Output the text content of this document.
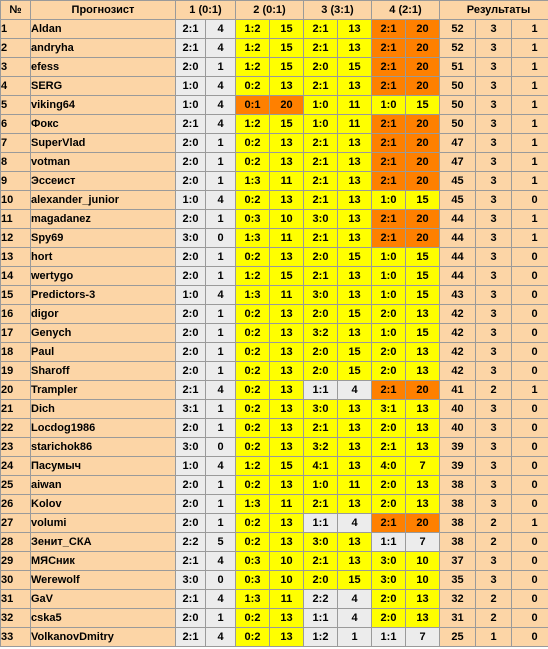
№	Прогнозист	1 (0:1)		2 (0:1)		3 (3:1)		4 (2:1)		Результаты		
1	Aldan	2:1	4	1:2	15	2:1	13	2:1	20	52	3	1
2	andryha	2:1	4	1:2	15	2:1	13	2:1	20	52	3	1
3	efess	2:0	1	1:2	15	2:0	15	2:1	20	51	3	1
4	SERG	1:0	4	0:2	13	2:1	13	2:1	20	50	3	1
5	viking64	1:0	4	0:1	20	1:0	11	1:0	15	50	3	1
6	Фокс	2:1	4	1:2	15	1:0	11	2:1	20	50	3	1
7	SuperVlad	2:0	1	0:2	13	2:1	13	2:1	20	47	3	1
8	votman	2:0	1	0:2	13	2:1	13	2:1	20	47	3	1
9	Эссеист	2:0	1	1:3	11	2:1	13	2:1	20	45	3	1
10	alexander_junior	1:0	4	0:2	13	2:1	13	1:0	15	45	3	0
11	magadanez	2:0	1	0:3	10	3:0	13	2:1	20	44	3	1
12	Spy69	3:0	0	1:3	11	2:1	13	2:1	20	44	3	1
13	hort	2:0	1	0:2	13	2:0	15	1:0	15	44	3	0
14	wertygo	2:0	1	1:2	15	2:1	13	1:0	15	44	3	0
15	Predictors-3	1:0	4	1:3	11	3:0	13	1:0	15	43	3	0
16	digor	2:0	1	0:2	13	2:0	15	2:0	13	42	3	0
17	Genych	2:0	1	0:2	13	3:2	13	1:0	15	42	3	0
18	Paul	2:0	1	0:2	13	2:0	15	2:0	13	42	3	0
19	Sharoff	2:0	1	0:2	13	2:0	15	2:0	13	42	3	0
20	Trampler	2:1	4	0:2	13	1:1	4	2:1	20	41	2	1
21	Dich	3:1	1	0:2	13	3:0	13	3:1	13	40	3	0
22	Locdog1986	2:0	1	0:2	13	2:1	13	2:0	13	40	3	0
23	starichok86	3:0	0	0:2	13	3:2	13	2:1	13	39	3	0
24	Пасумыч	1:0	4	1:2	15	4:1	13	4:0	7	39	3	0
25	aiwan	2:0	1	0:2	13	1:0	11	2:0	13	38	3	0
26	Kolov	2:0	1	1:3	11	2:1	13	2:0	13	38	3	0
27	volumi	2:0	1	0:2	13	1:1	4	2:1	20	38	2	1
28	Зенит_СКА	2:2	5	0:2	13	3:0	13	1:1	7	38	2	0
29	МЯСник	2:1	4	0:3	10	2:1	13	3:0	10	37	3	0
30	Werewolf	3:0	0	0:3	10	2:0	15	3:0	10	35	3	0
31	GaV	2:1	4	1:3	11	2:2	4	2:0	13	32	2	0
32	cska5	2:0	1	0:2	13	1:1	4	2:0	13	31	2	0
33	VolkanovDmitry	2:1	4	0:2	13	1:2	1	1:1	7	25	1	0
